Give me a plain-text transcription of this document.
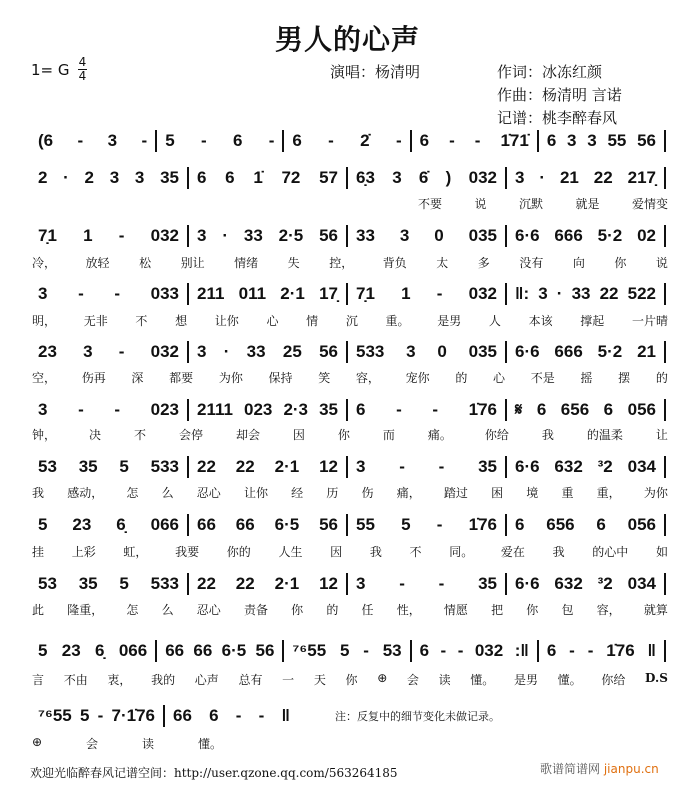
男人的心声
1= G 4
4	演唱：杨清明	作词：冰冻红颜
作曲：杨清明 言诺
记谱：桃李醉春风
(6 - 3 -	5 - 6 -	6 - 2̇ -	6 - - 1̇71̇	6 3 3 55 56
2 · 2 3 3 35	6 6 1̇ 72 57	6̣3 3 6̇ ) 032	3 · 21 22 217̣
不要	说	沉默	就是	爱情变
7̣1 1 - 032	3 · 33 2·5 56	33 3 0 035	6·6 666 5·2 02
冷， 放轻 松 别让 情绪 失 控， 背负 太 多 没有 向 你 说
3 - - 033	211 011 2·1 17̣	7̣1 1 - 032	‖: 3 · 33 22 522
明， 无非 不 想 让你 心 情 沉 重。 是男 人 本该 撑起 一片晴
23 3 - 032	3 · 33 25 56	533 3 0 035	6·6 666 5·2 21
空， 伤再 深 都要 为你 保持 笑 容， 宠你 的 心 不是 摇 摆 的
3 - - 023	2111 023 2·3 35	6 - - 1̇76	𝄋 6 656 6 056
钟，	决	不	会停	却会	因	你	而	痛。	你给	我	的温柔	让
53 35 5 533	22 22 2·1 12	3 - - 35	6·6 632 ³2 034
我 感动， 怎 么 忍心 让你 经 历 伤 痛， 踏过 困 境 重 重， 为你
5 23 6̣ 066	66 66 6·5 56	55 5 - 1̇76	6 656 6 056
挂 上彩 虹， 我要 你的 人生 因 我 不 同。 爱在 我 的心中 如
53 35 5 533	22 22 2·1 12	3 - - 35	6·6 632 ³2 034
此 隆重， 怎 么 忍心 责备 你 的 任 性， 情愿 把 你 包 容， 就算
5 23 6̣ 066	66 66 6·5 56	⁷⁶55 5 - 53	6 - - 032 :‖	6 - - 1̇76 ‖
言 不由 衷， 我的 心声 总有 一 天 你 ⊕ 会 读 懂。 是男 懂。 你给 D.S
⁷⁶55 5 - 7·1̇76	66 6 - - ‖
⊕	会	读	懂。
注：反复中的细节变化未做记录。
欢迎光临醉春风记谱空间：http://user.qzone.qq.com/563264185	歌谱简谱网 jianpu.cn
